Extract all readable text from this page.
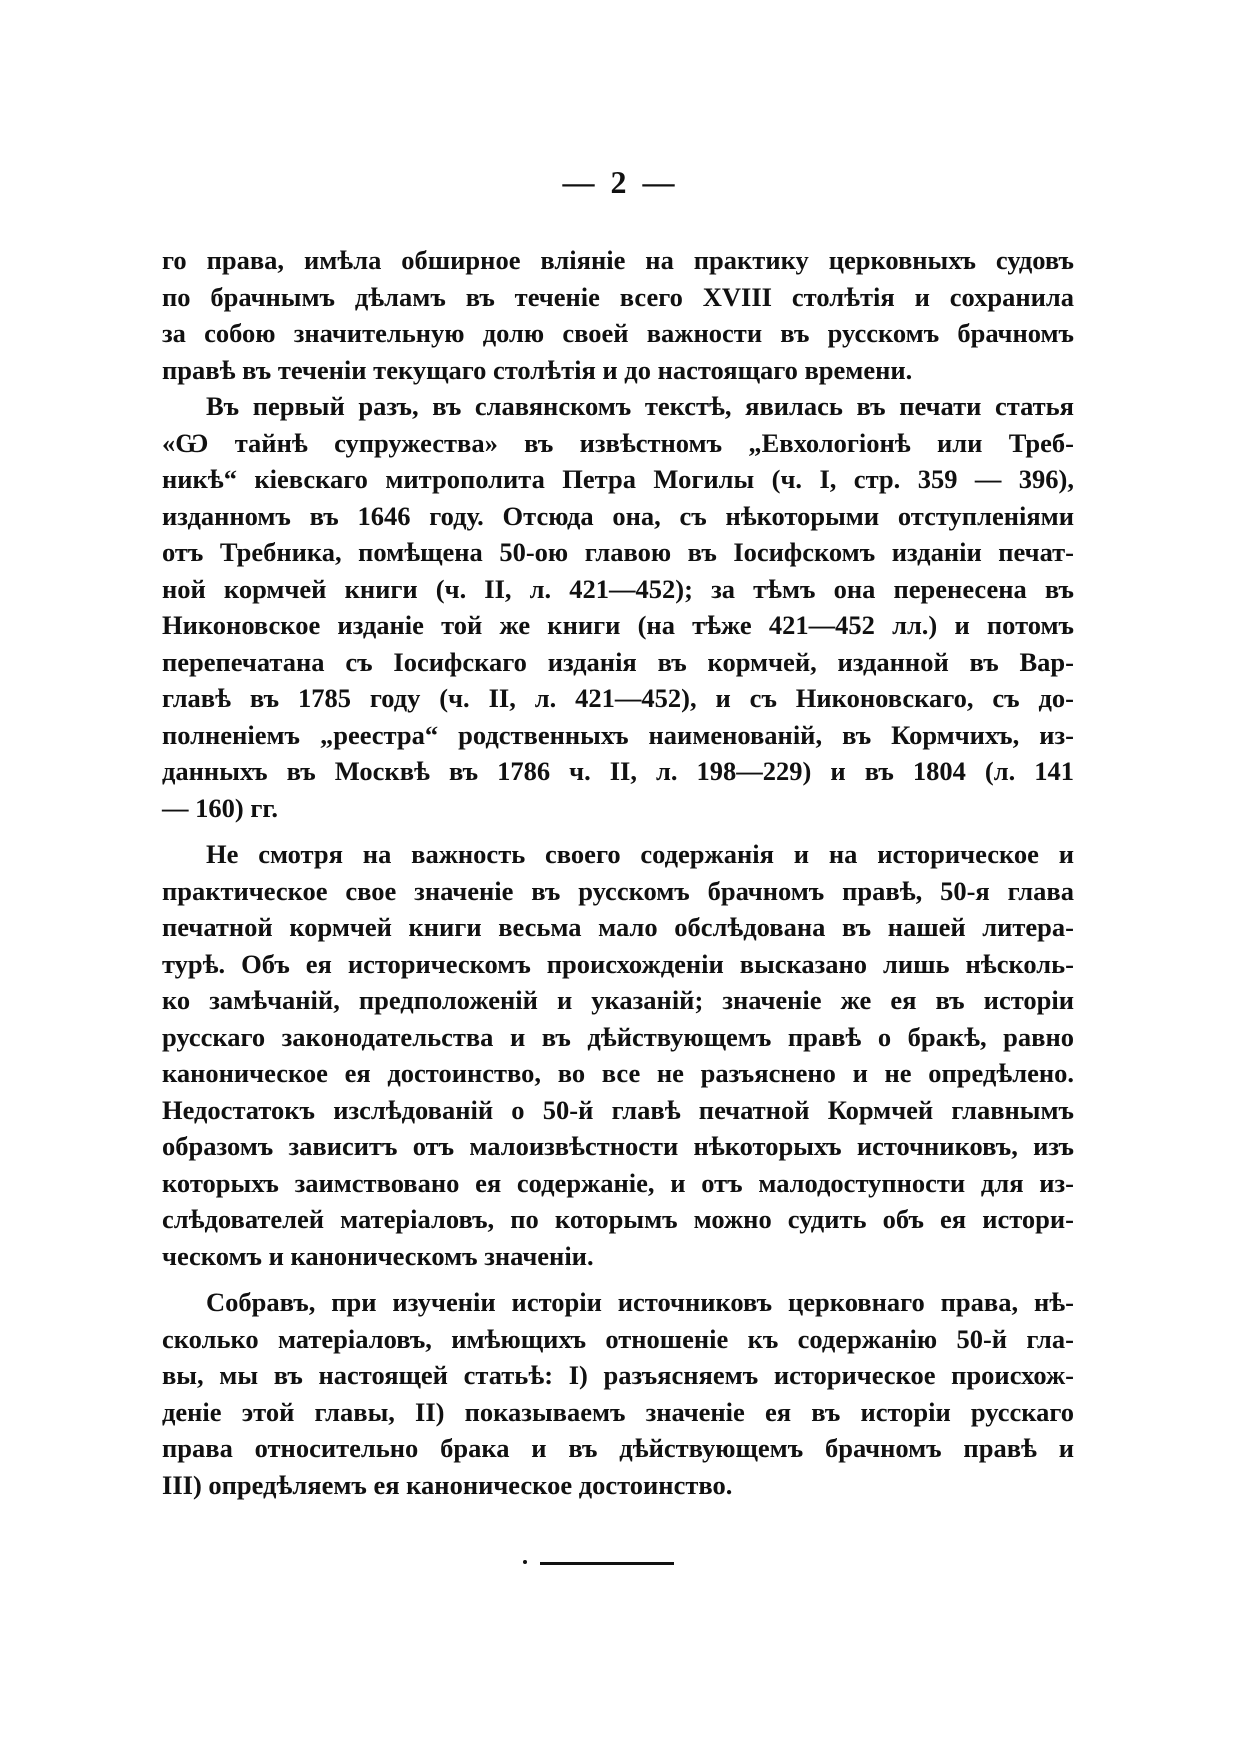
— 2 —
го права, имѣла обширное вліяніе на практику церковныхъ судовъ
по брачнымъ дѣламъ въ теченіе всего XVIII столѣтія и сохранила
за собою значительную долю своей важности въ русскомъ брачномъ
правѣ въ теченіи текущаго столѣтія и до настоящаго времени.
Въ первый разъ, въ славянскомъ текстѣ, явилась въ печати статья
«Ѡ тайнѣ супружества» въ извѣстномъ „Евхологіонѣ или Треб-
никѣ“ кіевскаго митрополита Петра Могилы (ч. I, стр. 359 — 396),
изданномъ въ 1646 году. Отсюда она, съ нѣкоторыми отступленіями
отъ Требника, помѣщена 50-ою главою въ Іосифскомъ изданіи печат-
ной кормчей книги (ч. II, л. 421—452); за тѣмъ она перенесена въ
Никоновское изданіе той же книги (на тѣже 421—452 лл.) и потомъ
перепечатана съ Іосифскаго изданія въ кормчей, изданной въ Вар-
главѣ въ 1785 году (ч. II, л. 421—452), и съ Никоновскаго, съ до-
полненіемъ „реестра“ родственныхъ наименованій, въ Кормчихъ, из-
данныхъ въ Москвѣ въ 1786 ч. II, л. 198—229) и въ 1804 (л. 141
— 160) гг.
Не смотря на важность своего содержанія и на историческое и
практическое свое значеніе въ русскомъ брачномъ правѣ, 50-я глава
печатной кормчей книги весьма мало обслѣдована въ нашей литера-
турѣ. Объ ея историческомъ происхожденіи высказано лишь нѣсколь-
ко замѣчаній, предположеній и указаній; значеніе же ея въ исторіи
русскаго законодательства и въ дѣйствующемъ правѣ о бракѣ, равно
каноническое ея достоинство, во все не разъяснено и не опредѣлено.
Недостатокъ изслѣдованій о 50-й главѣ печатной Кормчей главнымъ
образомъ зависитъ отъ малоизвѣстности нѣкоторыхъ источниковъ, изъ
которыхъ заимствовано ея содержаніе, и отъ малодоступности для из-
слѣдователей матеріаловъ, по которымъ можно судить объ ея истори-
ческомъ и каноническомъ значеніи.
Собравъ, при изученіи исторіи источниковъ церковнаго права, нѣ-
сколько матеріаловъ, имѣющихъ отношеніе къ содержанію 50-й гла-
вы, мы въ настоящей статьѣ: I) разъясняемъ историческое происхож-
деніе этой главы, II) показываемъ значеніе ея въ исторіи русскаго
права относительно брака и въ дѣйствующемъ брачномъ правѣ и
III) опредѣляемъ ея каноническое достоинство.
